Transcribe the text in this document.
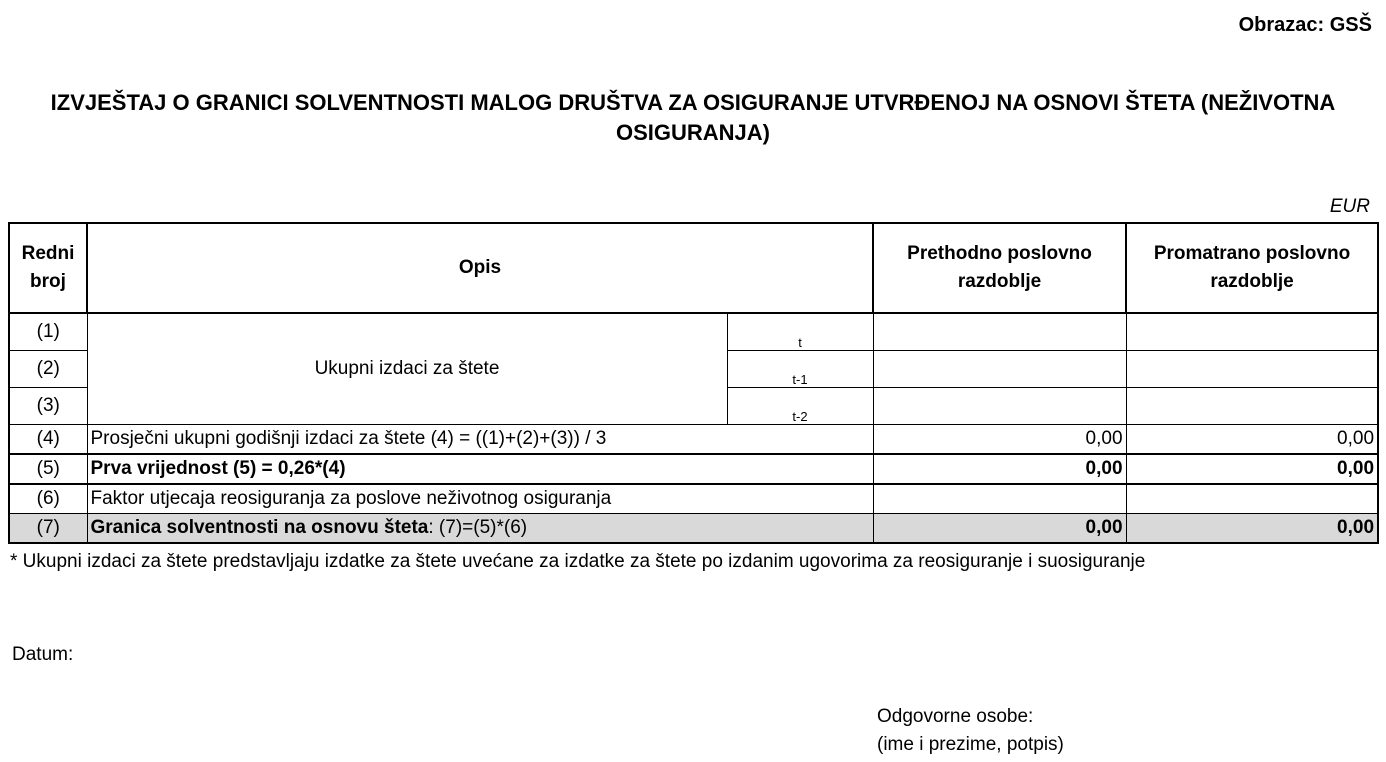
Obrazac: GSŠ
IZVJEŠTAJ O GRANICI SOLVENTNOSTI MALOG DRUŠTVA ZA OSIGURANJE UTVRĐENOJ NA OSNOVI ŠTETA (NEŽIVOTNA OSIGURANJA)
EUR
Redni broj	Opis		Prethodno poslovno razdoblje	Promatrano poslovno razdoblje
(1)	Ukupni izdaci za štete	t		
(2)		t-1		
(3)		t-2		
(4)	Prosječni ukupni godišnji izdaci za štete (4) = ((1)+(2)+(3)) / 3		0,00	0,00
(5)	Prva vrijednost (5) = 0,26*(4)		0,00	0,00
(6)	Faktor utjecaja reosiguranja za poslove neživotnog osiguranja			
(7)	Granica solventnosti na osnovu šteta: (7)=(5)*(6)		0,00	0,00
* Ukupni izdaci za štete predstavljaju izdatke za štete uvećane za izdatke za štete po izdanim ugovorima za reosiguranje i suosiguranje
Datum:
Odgovorne osobe:
(ime i prezime, potpis)
